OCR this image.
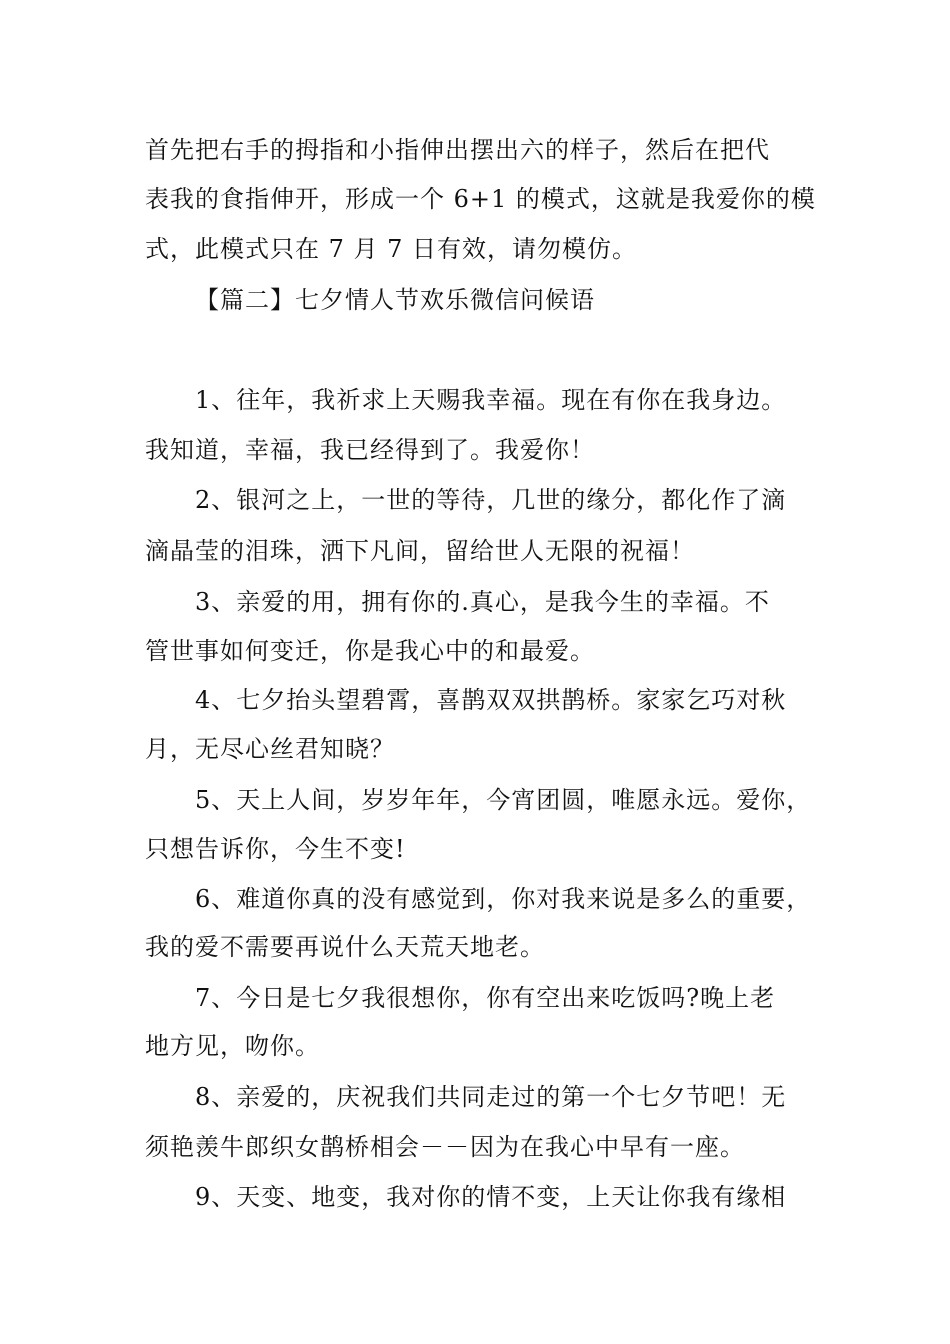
首先把右手的拇指和小指伸出摆出六的样子，然后在把代
表我的食指伸开，形成一个 6+1 的模式，这就是我爱你的模
式，此模式只在 7 月 7 日有效，请勿模仿。
【篇二】七夕情人节欢乐微信问候语
1、往年，我祈求上天赐我幸福。现在有你在我身边。
我知道，幸福，我已经得到了。我爱你！
2、银河之上，一世的等待，几世的缘分，都化作了滴
滴晶莹的泪珠，洒下凡间，留给世人无限的祝福！
3、亲爱的用，拥有你的.真心，是我今生的幸福。不
管世事如何变迁，你是我心中的和最爱。
4、七夕抬头望碧霄，喜鹊双双拱鹊桥。家家乞巧对秋
月，无尽心丝君知晓？
5、天上人间，岁岁年年，今宵团圆，唯愿永远。爱你，
只想告诉你，今生不变!
6、难道你真的没有感觉到，你对我来说是多么的重要，
我的爱不需要再说什么天荒天地老。
7、今日是七夕我很想你，你有空出来吃饭吗?晚上老
地方见，吻你。
8、亲爱的，庆祝我们共同走过的第一个七夕节吧！无
须艳羡牛郎织女鹊桥相会－－因为在我心中早有一座。
9、天变、地变，我对你的情不变，上天让你我有缘相
